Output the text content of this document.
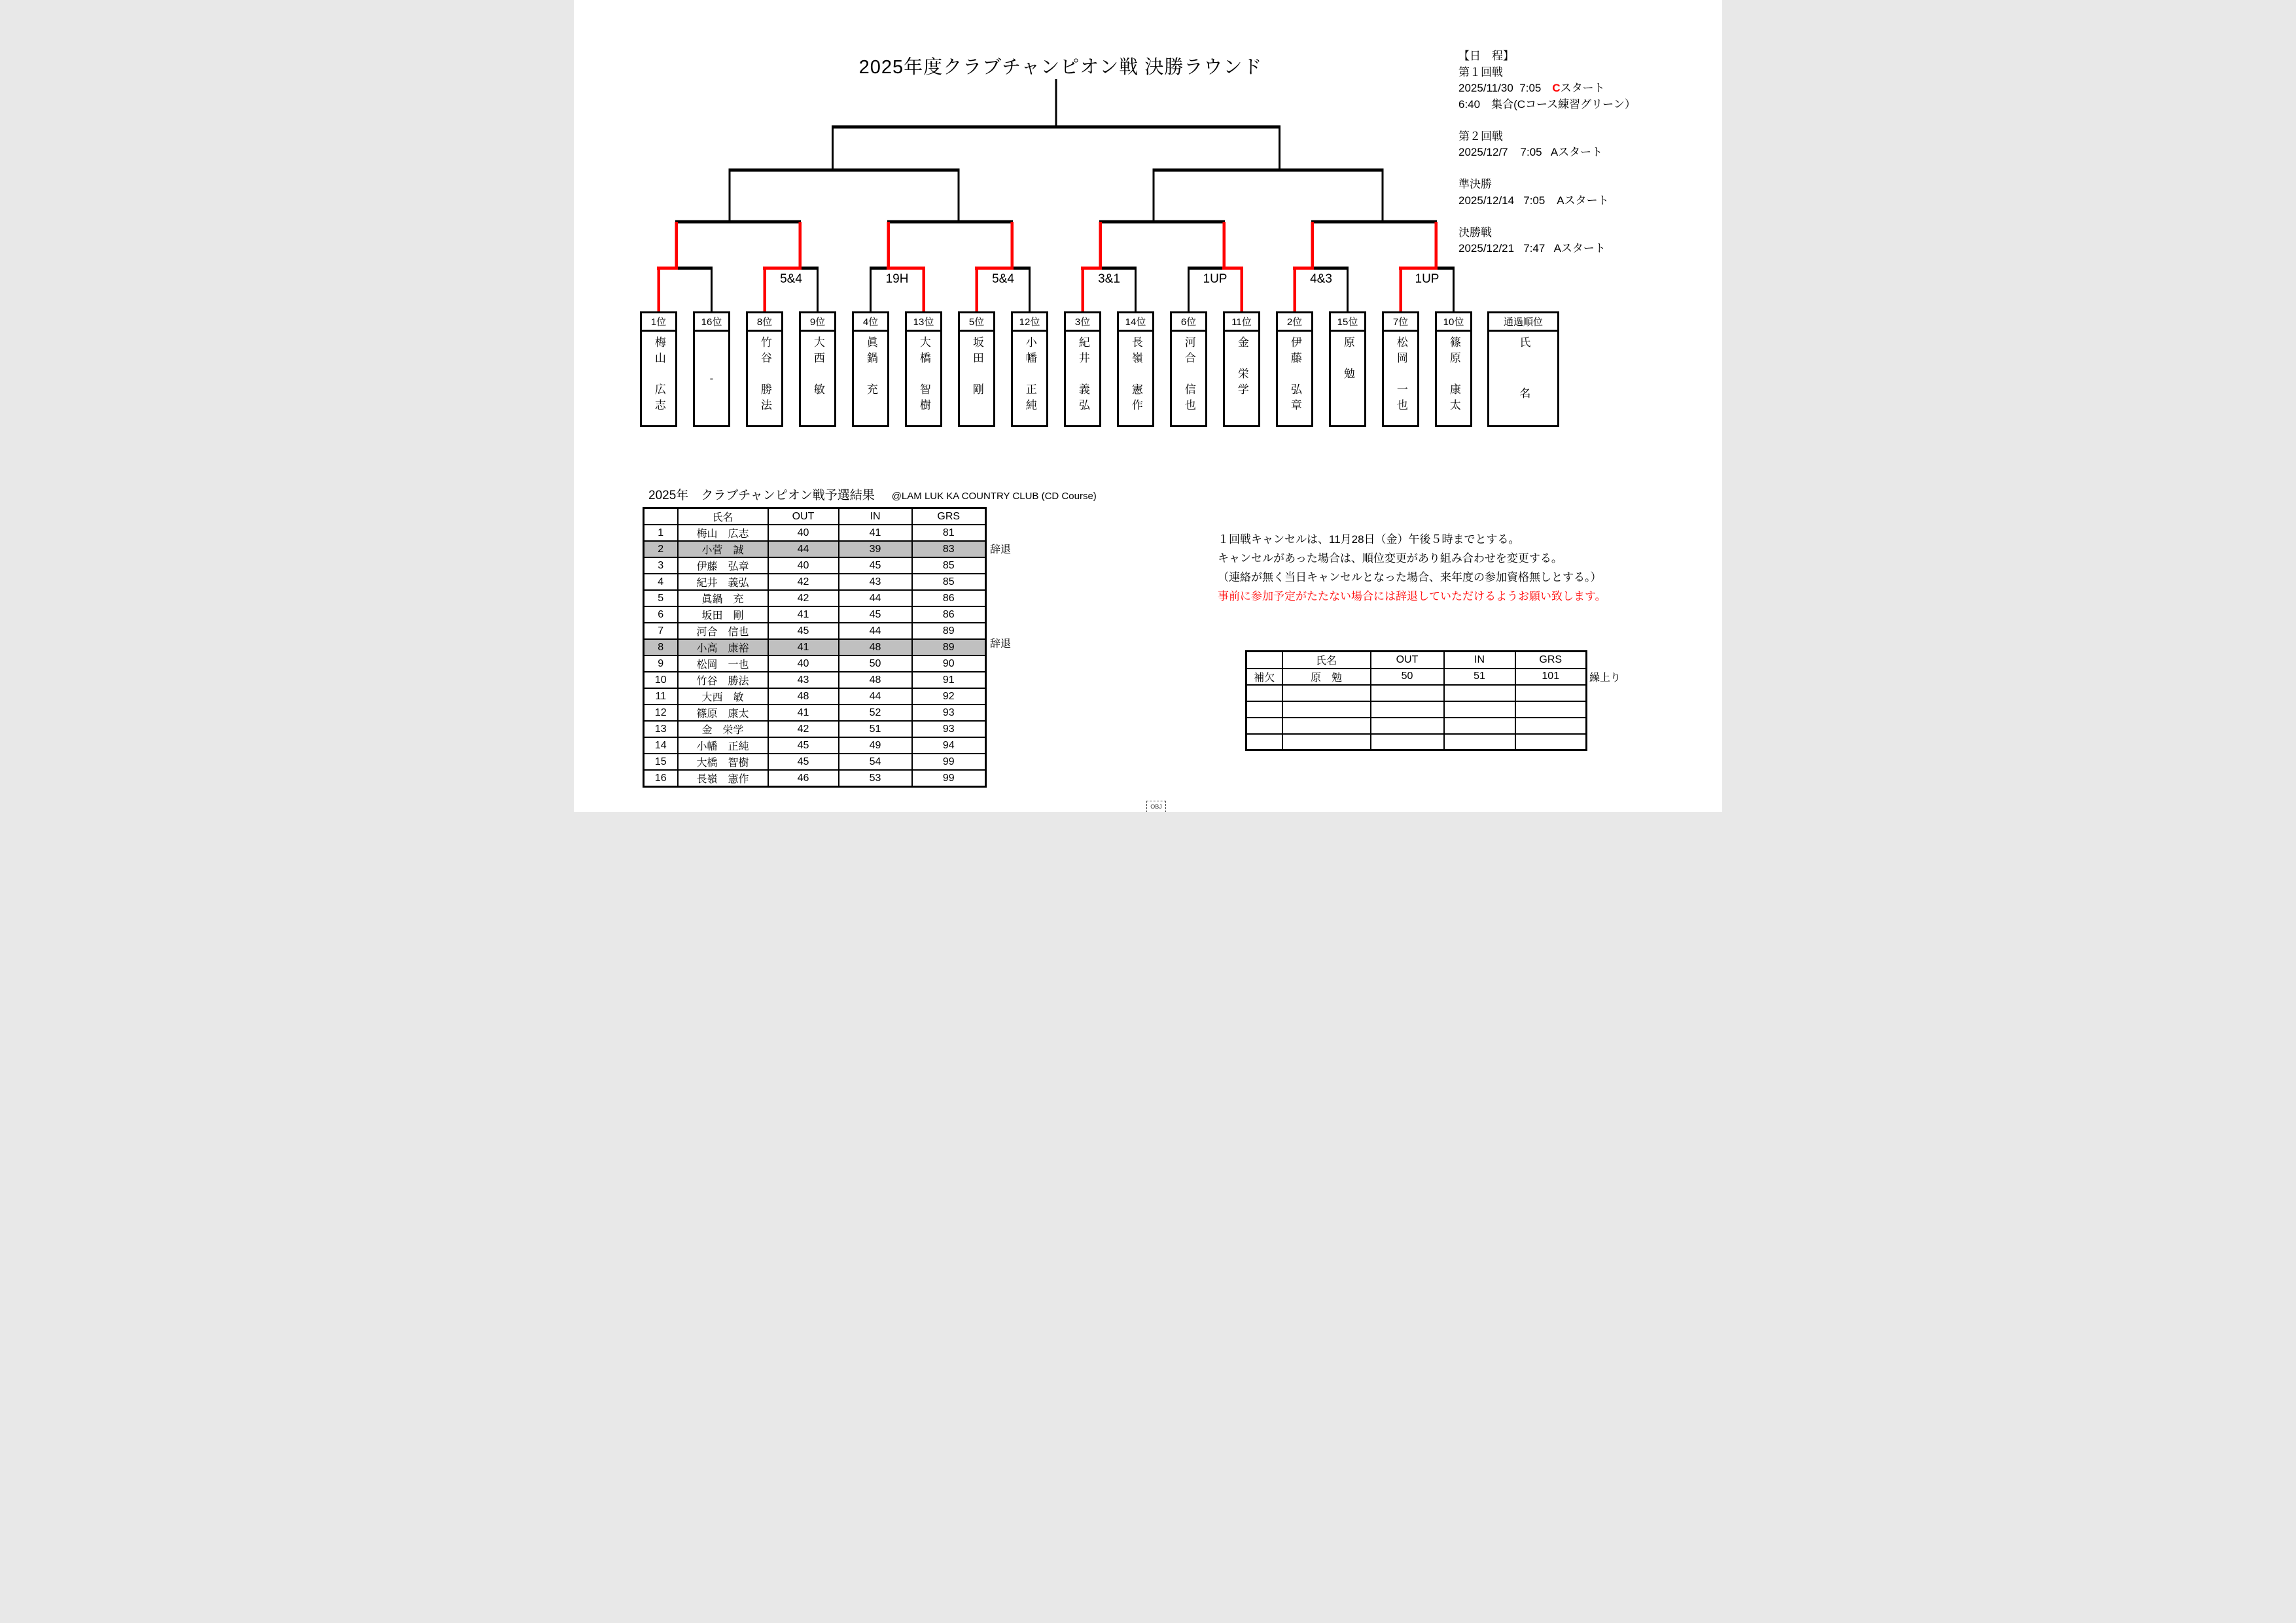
2025年度クラブチャンピオン戦 決勝ラウンド
【日　程】
第１回戦
2025/11/30  7:05　Cスタート
6:40　集合(Cコース練習グリーン）
第２回戦
2025/12/7    7:05   Aスタート
準決勝
2025/12/14   7:05    Aスタート
決勝戦
2025/12/21   7:47   Aスタート
1位
梅山　広志
16位
-
8位
竹谷　勝法
9位
大西　敏
4位
眞鍋　充
13位
大橋　智樹
5位
坂田　剛
12位
小幡　正純
3位
紀井　義弘
14位
長嶺　憲作
6位
河合　信也
11位
金　栄学
2位
伊藤　弘章
15位
原　勉
7位
松岡　一也
10位
篠原　康太
通過順位
氏　名
5&4	19H	5&4	3&1	1UP	4&3	1UP
2025年　クラブチャンピオン戦予選結果 @LAM LUK KA COUNTRY CLUB (CD Course)
	氏名	OUT	IN	GRS
1	梅山　広志	40	41	81
2	小菅　誠	44	39	83
3	伊藤　弘章	40	45	85
4	紀井　義弘	42	43	85
5	眞鍋　充	42	44	86
6	坂田　剛	41	45	86
7	河合　信也	45	44	89
8	小高　康裕	41	48	89
9	松岡　一也	40	50	90
10	竹谷　勝法	43	48	91
11	大西　敏	48	44	92
12	篠原　康太	41	52	93
13	金　栄学	42	51	93
14	小幡　正純	45	49	94
15	大橋　智樹	45	54	99
16	長嶺　憲作	46	53	99
１回戦キャンセルは、11月28日（金）午後５時までとする。
キャンセルがあった場合は、順位変更があり組み合わせを変更する。
（連絡が無く当日キャンセルとなった場合、来年度の参加資格無しとする。）
事前に参加予定がたたない場合には辞退していただけるようお願い致します。
	氏名	OUT	IN	GRS
補欠	原　勉	50	51	101

OBJ
辞退
辞退
繰上り
